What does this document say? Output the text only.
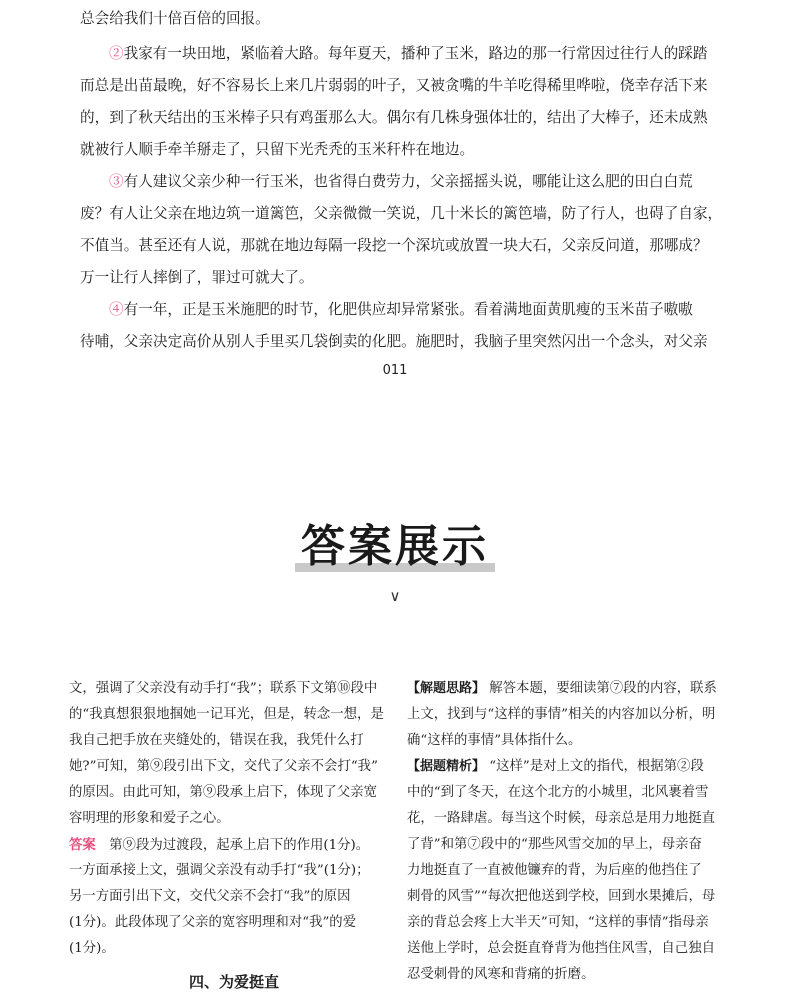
总会给我们十倍百倍的回报。
②我家有一块田地，紧临着大路。每年夏天，播种了玉米，路边的那一行常因过往行人的踩踏
而总是出苗最晚，好不容易长上来几片弱弱的叶子，又被贪嘴的牛羊吃得稀里哗啦，侥幸存活下来
的，到了秋天结出的玉米棒子只有鸡蛋那么大。偶尔有几株身强体壮的，结出了大棒子，还未成熟
就被行人顺手牵羊掰走了，只留下光秃秃的玉米秆杵在地边。
③有人建议父亲少种一行玉米，也省得白费劳力，父亲摇摇头说，哪能让这么肥的田白白荒
废？有人让父亲在地边筑一道篱笆，父亲微微一笑说，几十米长的篱笆墙，防了行人，也碍了自家，
不值当。甚至还有人说，那就在地边每隔一段挖一个深坑或放置一块大石，父亲反问道，那哪成？
万一让行人摔倒了，罪过可就大了。
④有一年，正是玉米施肥的时节，化肥供应却异常紧张。看着满地面黄肌瘦的玉米苗子嗷嗷
待哺，父亲决定高价从别人手里买几袋倒卖的化肥。施肥时，我脑子里突然闪出一个念头，对父亲
011
答案展示
∨
文，强调了父亲没有动手打“我”；联系下文第⑩段中
的“我真想狠狠地掴她一记耳光，但是，转念一想，是
我自己把手放在夹缝处的，错误在我，我凭什么打
她?”可知，第⑨段引出下文，交代了父亲不会打“我”
的原因。由此可知，第⑨段承上启下，体现了父亲宽
容明理的形象和爱子之心。
答案  第⑨段为过渡段，起承上启下的作用(1分)。
一方面承接上文，强调父亲没有动手打“我”(1分)；
另一方面引出下文，交代父亲不会打“我”的原因
(1分)。此段体现了父亲的宽容明理和对“我”的爱
(1分)。
四、为爱挺直
【解题思路】 解答本题，要细读第⑦段的内容，联系
上文，找到与“这样的事情”相关的内容加以分析，明
确“这样的事情”具体指什么。
【据题精析】 “这样”是对上文的指代，根据第②段
中的“到了冬天，在这个北方的小城里，北风裹着雪
花，一路肆虐。每当这个时候，母亲总是用力地挺直
了背”和第⑦段中的“那些风雪交加的早上，母亲奋
力地挺直了一直被他镰弃的背，为后座的他挡住了
刺骨的风雪”“每次把他送到学校，回到水果摊后，母
亲的背总会疼上大半天”可知，“这样的事情”指母亲
送他上学时，总会挺直脊背为他挡住风雪，自己独自
忍受刺骨的风寒和背痛的折磨。
